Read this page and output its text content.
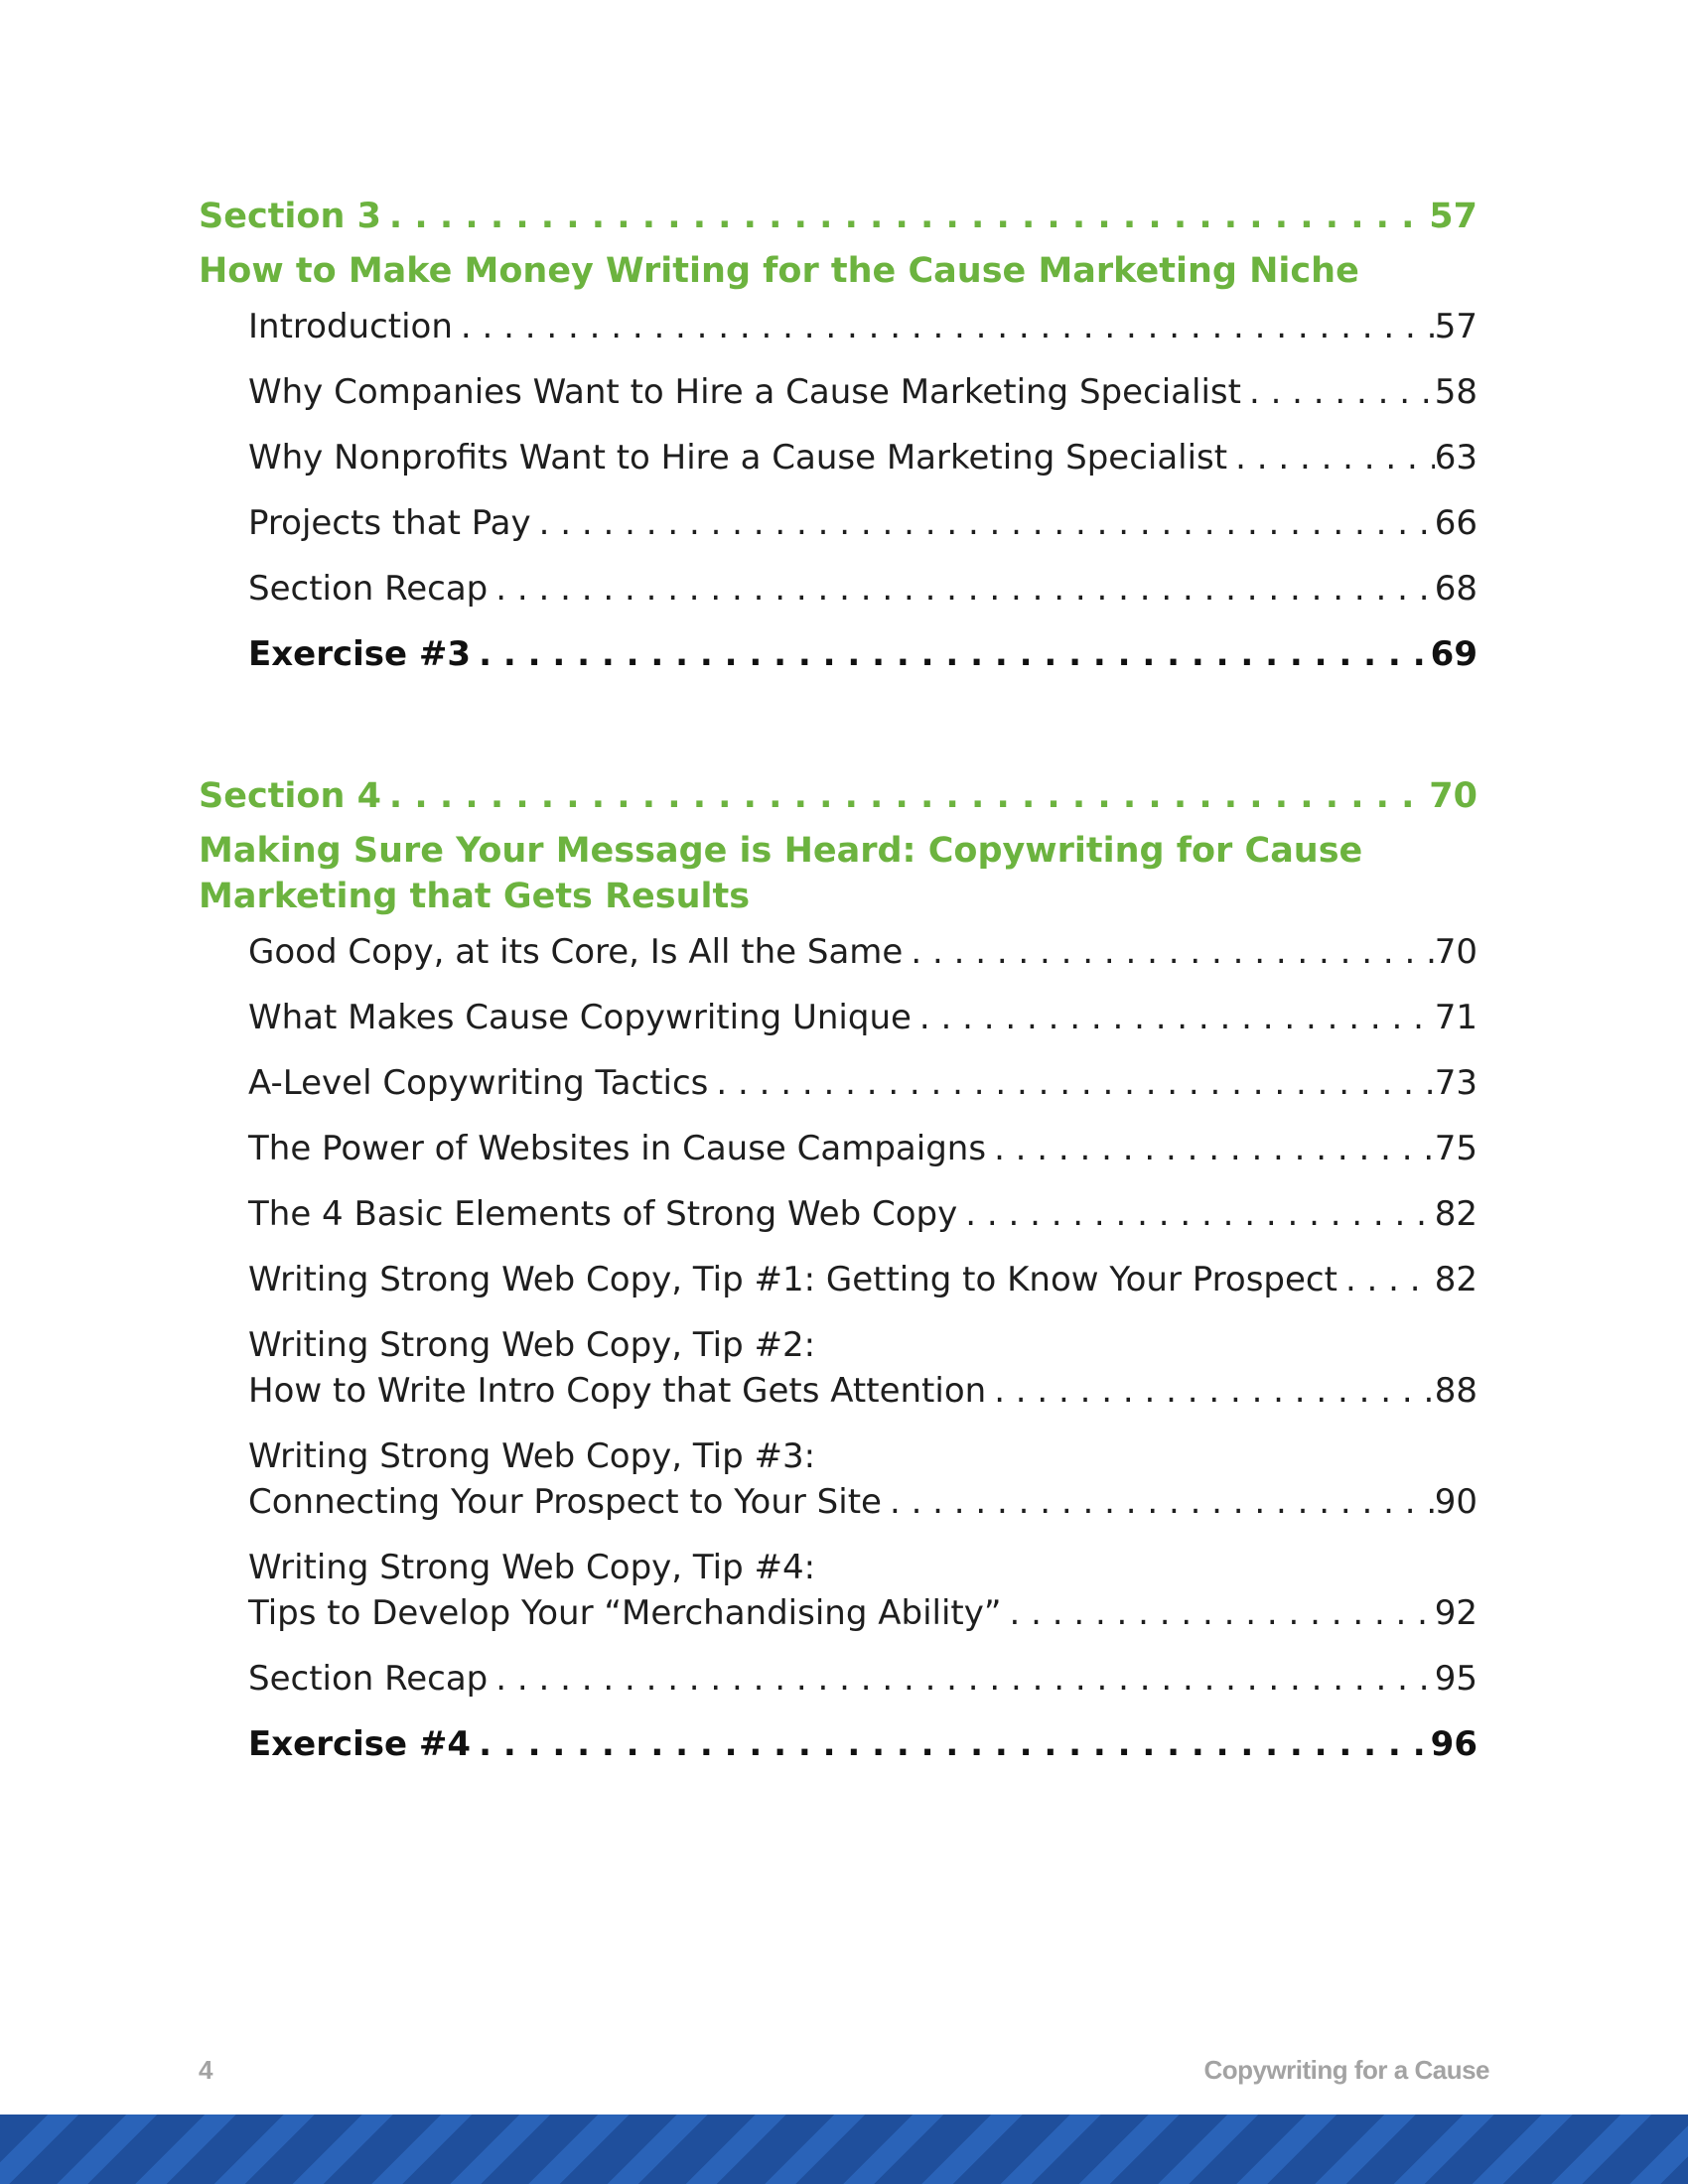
Section 3 . . .	57
How to Make Money Writing for the Cause Marketing Niche
Introduction . . .	57
Why Companies Want to Hire a Cause Marketing Specialist . . .	58
Why Nonprofits Want to Hire a Cause Marketing Specialist . . .	63
Projects that Pay . . .	66
Section Recap . . .	68
Exercise #3 . . .	69
Section 4 . . .	70
Making Sure Your Message is Heard: Copywriting for Cause
Marketing that Gets Results
Good Copy, at its Core, Is All the Same . . .	70
What Makes Cause Copywriting Unique . . .	71
A-Level Copywriting Tactics . . .	73
The Power of Websites in Cause Campaigns . . .	75
The 4 Basic Elements of Strong Web Copy . . .	82
Writing Strong Web Copy, Tip #1: Getting to Know Your Prospect . . .	82
Writing Strong Web Copy, Tip #2:
How to Write Intro Copy that Gets Attention . . .	88
Writing Strong Web Copy, Tip #3:
Connecting Your Prospect to Your Site . . .	90
Writing Strong Web Copy, Tip #4:
Tips to Develop Your “Merchandising Ability” . . .	92
Section Recap . . .	95
Exercise #4 . . .	96
4	Copywriting for a Cause
